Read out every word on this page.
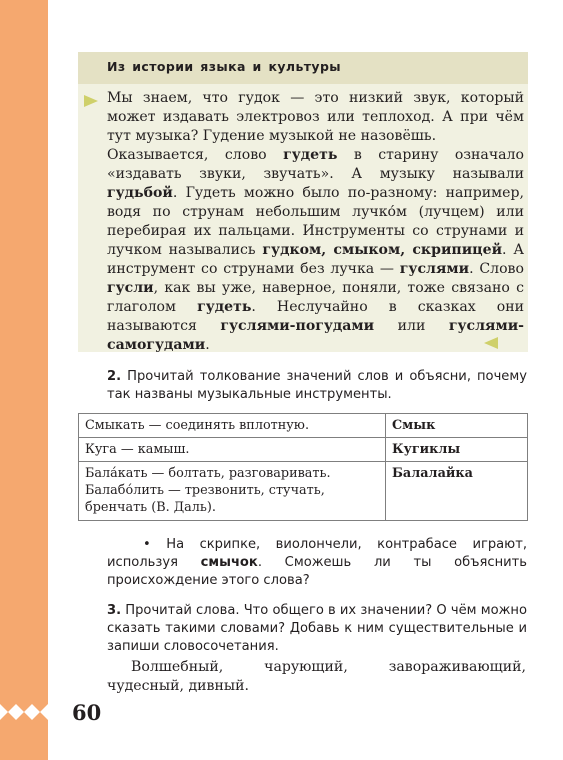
Из истории языка и культуры

Мы знаем, что гудок — это низкий звук, который может издавать электровоз или теплоход. А при чём тут музыка? Гудение музыкой не назовёшь.

Оказывается, слово гудеть в старину означало «издавать звуки, звучать». А музыку называли гудьбой. Гудеть можно было по-разному: например, водя по струнам небольшим лучко́м (лучцем) или перебирая их пальцами. Инструменты со струнами и лучком назывались гудком, смыком, скрипицей. А инструмент со струнами без лучка — гуслями. Слово гусли, как вы уже, наверное, поняли, тоже связано с глаголом гудеть. Неслучайно в сказках они называются гуслями-погудами или гуслями-самогудами.

2. Прочитай толкование значений слов и объясни, почему так названы музыкальные инструменты.

Смыкать — соединять вплотную.	Смык
Куга — камыш.	Кугиклы
Бала́кать — болтать, разговаривать. Балабо́лить — трезвонить, стучать, бренчать (В. Даль).	Балалайка

• На скрипке, виолончели, контрабасе играют, используя смычок. Сможешь ли ты объяснить происхождение этого слова?

3. Прочитай слова. Что общего в их значении? О чём можно сказать такими словами? Добавь к ним существительные и запиши словосочетания.

Волшебный, чарующий, завораживающий, чудесный, дивный.

60
